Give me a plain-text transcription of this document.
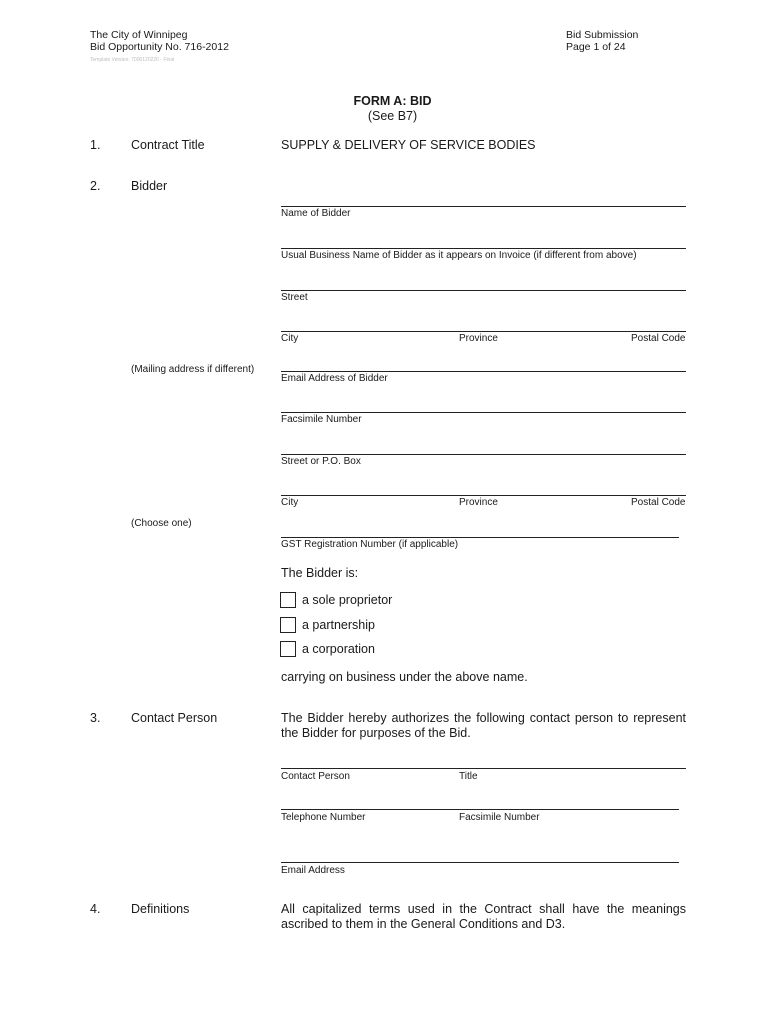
The City of Winnipeg
Bid Opportunity No. 716-2012
Template Version: 7000120220 - Final
Bid Submission
Page 1 of 24
FORM A: BID
(See B7)
1. Contract Title	SUPPLY & DELIVERY OF SERVICE BODIES
2. Bidder
Name of Bidder
Usual Business Name of Bidder as it appears on Invoice (if different from above)
Street
City	Province	Postal Code
(Mailing address if different)
Email Address of Bidder
Facsimile Number
Street or P.O. Box
City	Province	Postal Code
(Choose one)
GST Registration Number (if applicable)
The Bidder is:
a sole proprietor
a partnership
a corporation
carrying on business under the above name.
3. Contact Person	The Bidder hereby authorizes the following contact person to represent the Bidder for purposes of the Bid.
Contact Person	Title
Telephone Number	Facsimile Number
Email Address
4. Definitions	All capitalized terms used in the Contract shall have the meanings ascribed to them in the General Conditions and D3.
